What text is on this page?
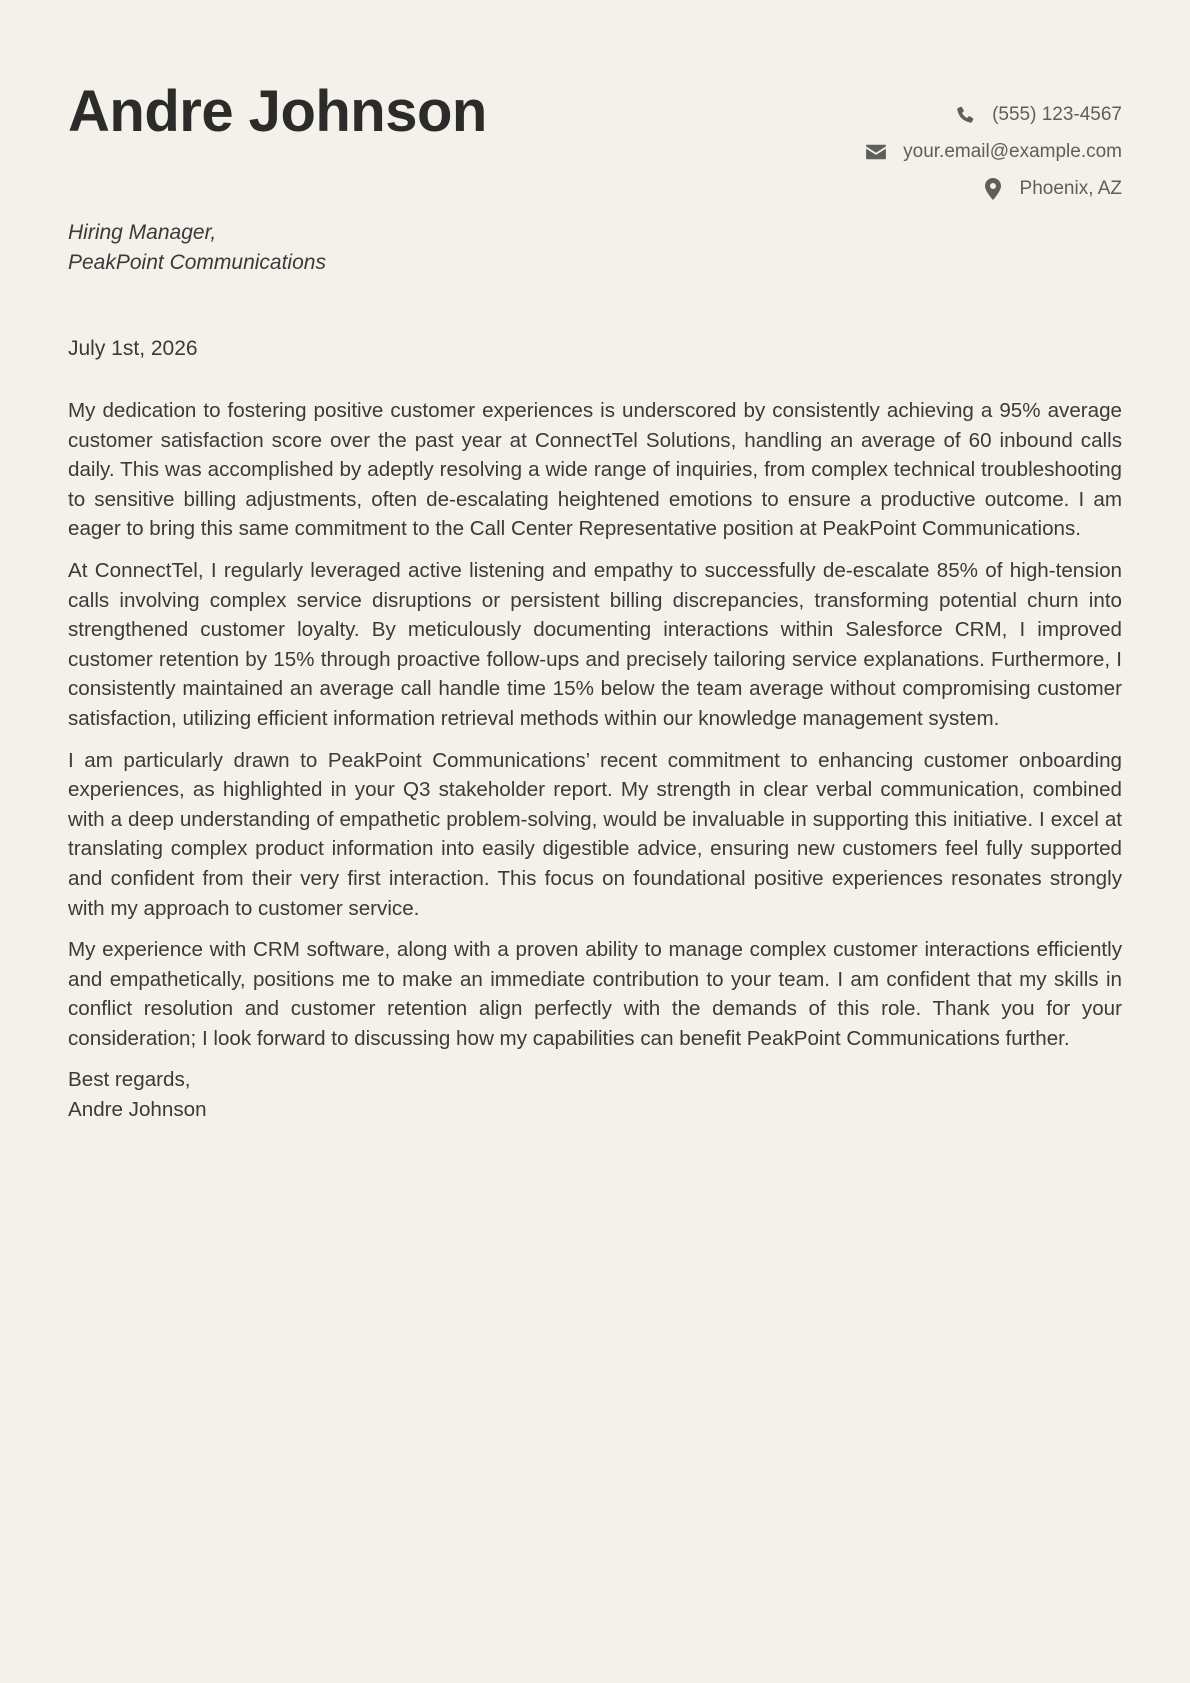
Andre Johnson	(555) 123-4567
your.email@example.com
Phoenix, AZ
Hiring Manager,
PeakPoint Communications
July 1st, 2026

My dedication to fostering positive customer experiences is underscored by consistently achieving a 95% average customer satisfaction score over the past year at ConnectTel Solutions, handling an average of 60 inbound calls daily. This was accomplished by adeptly resolving a wide range of inquiries, from complex technical troubleshooting to sensitive billing adjustments, often de-escalating heightened emotions to ensure a productive outcome. I am eager to bring this same commitment to the Call Center Representative position at PeakPoint Communications.

At ConnectTel, I regularly leveraged active listening and empathy to successfully de-escalate 85% of high-tension calls involving complex service disruptions or persistent billing discrepancies, transforming potential churn into strengthened customer loyalty. By meticulously documenting interactions within Salesforce CRM, I improved customer retention by 15% through proactive follow-ups and precisely tailoring service explanations. Furthermore, I consistently maintained an average call handle time 15% below the team average without compromising customer satisfaction, utilizing efficient information retrieval methods within our knowledge management system.

I am particularly drawn to PeakPoint Communications’ recent commitment to enhancing customer onboarding experiences, as highlighted in your Q3 stakeholder report. My strength in clear verbal communication, combined with a deep understanding of empathetic problem-solving, would be invaluable in supporting this initiative. I excel at translating complex product information into easily digestible advice, ensuring new customers feel fully supported and confident from their very first interaction. This focus on foundational positive experiences resonates strongly with my approach to customer service.

My experience with CRM software, along with a proven ability to manage complex customer interactions efficiently and empathetically, positions me to make an immediate contribution to your team. I am confident that my skills in conflict resolution and customer retention align perfectly with the demands of this role. Thank you for your consideration; I look forward to discussing how my capabilities can benefit PeakPoint Communications further.

Best regards,
Andre Johnson
